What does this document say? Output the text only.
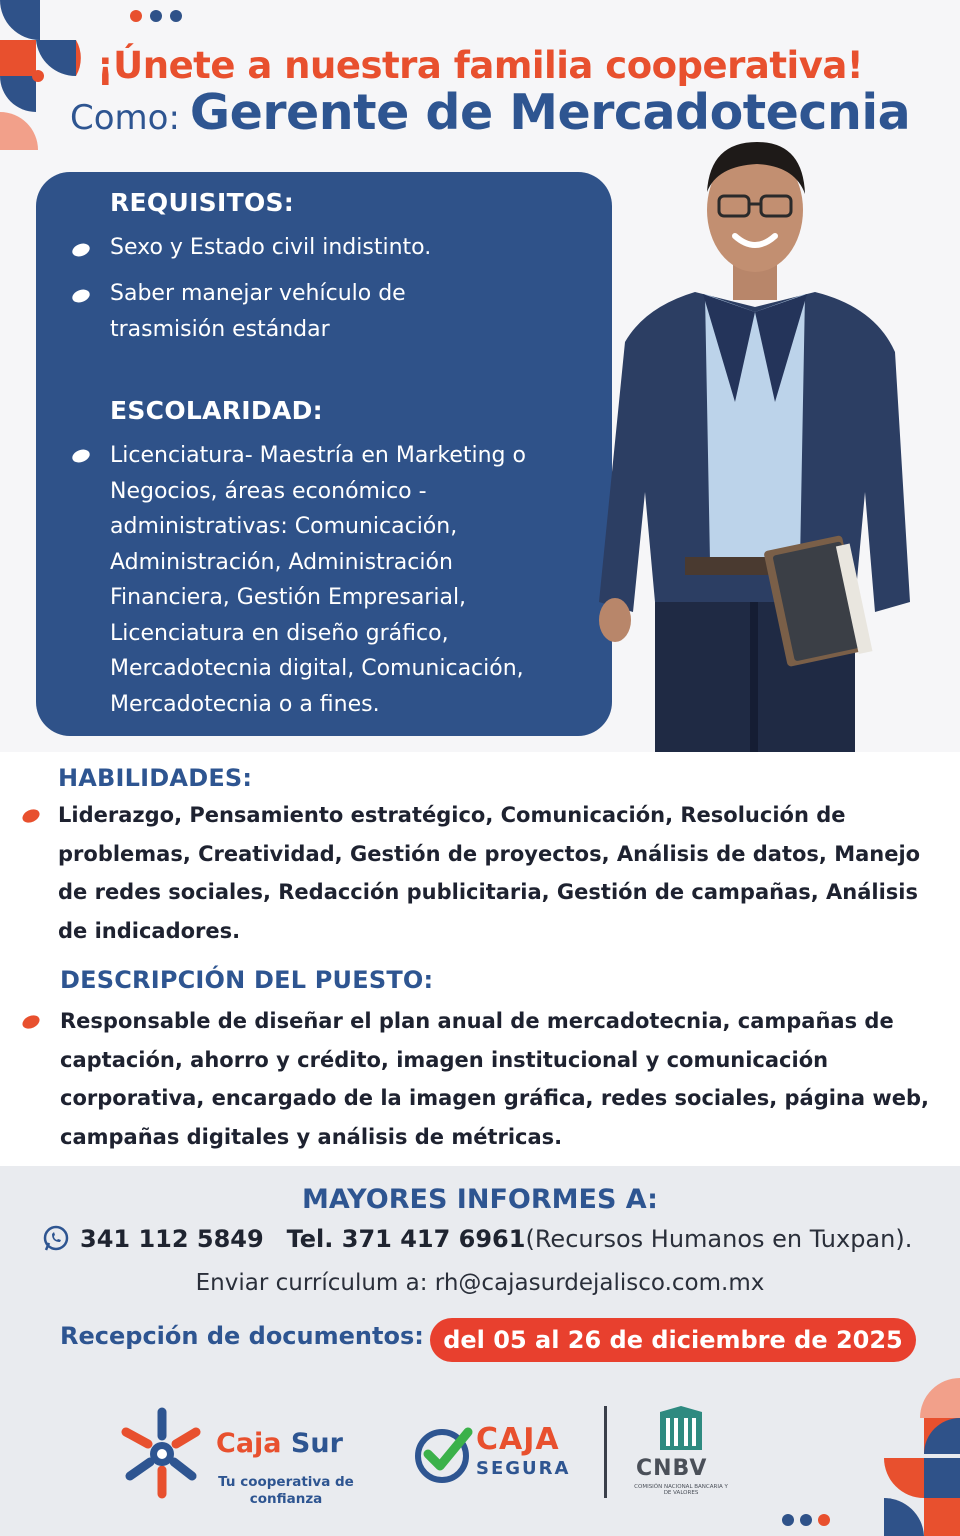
¡Únete a nuestra familia cooperativa!
Como: Gerente de Mercadotecnia
REQUISITOS:
Sexo y Estado civil indistinto.
Saber manejar vehículo de trasmisión estándar
ESCOLARIDAD:
Licenciatura- Maestría en Marketing o Negocios, áreas económico - administrativas: Comunicación, Administración, Administración Financiera, Gestión Empresarial, Licenciatura en diseño gráfico, Mercadotecnia digital, Comunicación, Mercadotecnia o a fines.
HABILIDADES:
Liderazgo, Pensamiento estratégico, Comunicación, Resolución de problemas, Creatividad, Gestión de proyectos, Análisis de datos, Manejo de redes sociales, Redacción publicitaria, Gestión de campañas, Análisis de indicadores.
DESCRIPCIÓN DEL PUESTO:
Responsable de diseñar el plan anual de mercadotecnia, campañas de captación, ahorro y crédito, imagen institucional y comunicación corporativa, encargado de la imagen gráfica, redes sociales, página web, campañas digitales y análisis de métricas.
MAYORES INFORMES A:
341 112 5849 Tel. 371 417 6961(Recursos Humanos en Tuxpan).
Enviar currículum a: rh@cajasurdejalisco.com.mx
Recepción de documentos: del 05 al 26 de diciembre de 2025
Caja Sur
Tu cooperativa de confianza
CAJA
SEGURA	CNBV
COMISIÓN NACIONAL BANCARIA Y DE VALORES
